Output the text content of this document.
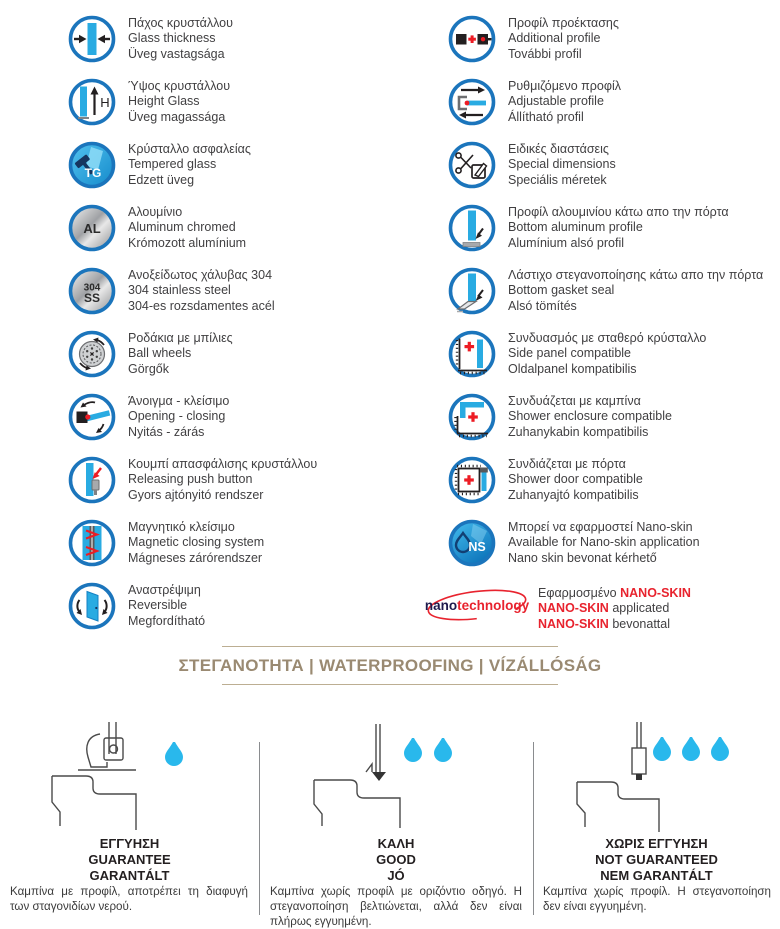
Πάχος κρυστάλλου
Glass thickness
Üveg vastagsága
H
Ύψος κρυστάλλου
Height Glass
Üveg magassága
TG
Κρύσταλλο ασφαλείας
Tempered glass
Edzett üveg
AL
Αλουμίνιο
Aluminum chromed
Krómozott alumínium
304
SS
Ανοξείδωτος χάλυβας 304
304 stainless steel
304-es rozsdamentes acél
Ροδάκια με μπίλιες
Ball wheels
Görgők
Άνοιγμα - κλείσιμο
Opening - closing
Nyitás - zárás
Κουμπί απασφάλισης κρυστάλλου
Releasing push button
Gyors ajtónyitó rendszer
Μαγνητικό κλείσιμο
Magnetic closing system
Mágneses zárórendszer
Αναστρέψιμη
Reversible
Megfordítható
Προφίλ προέκτασης
Additional profile
További profil
Ρυθμιζόμενο προφίλ
Adjustable profile
Állítható profil
Ειδικές διαστάσεις
Special dimensions
Speciális méretek
Προφίλ αλουμινίου κάτω απο την πόρτα
Bottom aluminum profile
Alumínium alsó profil
Λάστιχο στεγανοποίησης κάτω απο την πόρτα
Bottom gasket seal
Alsó tömítés
Συνδυασμός με σταθερό κρύσταλλο
Side panel compatible
Oldalpanel kompatibilis
Συνδυάζεται με καμπίνα
Shower enclosure compatible
Zuhanykabin kompatibilis
Συνδιάζεται με πόρτα
Shower door compatible
Zuhanyajtó kompatibilis
NS
Μπορεί να εφαρμοστεί Nano-skin
Available for Nano-skin application
Nano skin bevonat kérhető
nanotechnology
Εφαρμοσμένο NANO-SKIN
NANO-SKIN applicated
NANO-SKIN bevonattal
ΣΤΕΓΑΝΟΤΗΤΑ | WATERPROOFING | VÍZÁLLÓSÁG
ΕΓΓΥΗΣΗ
GUARANTEE
GARANTÁLT
ΚΑΛΗ
GOOD
JÓ
ΧΩΡΙΣ ΕΓΓΥΗΣΗ
NOT GUARANTEED
NEM GARANTÁLT
Καμπίνα με προφίλ, αποτρέπει τη διαφυγή των σταγονιδίων νερού.
Καμπίνα χωρίς προφίλ με οριζόντιο οδηγό. Η στεγανοποίηση βελτιώνεται, αλλά δεν είναι πλήρως εγγυημένη.
Καμπίνα χωρίς προφίλ. Η στεγανοποίηση δεν είναι εγγυημένη.
